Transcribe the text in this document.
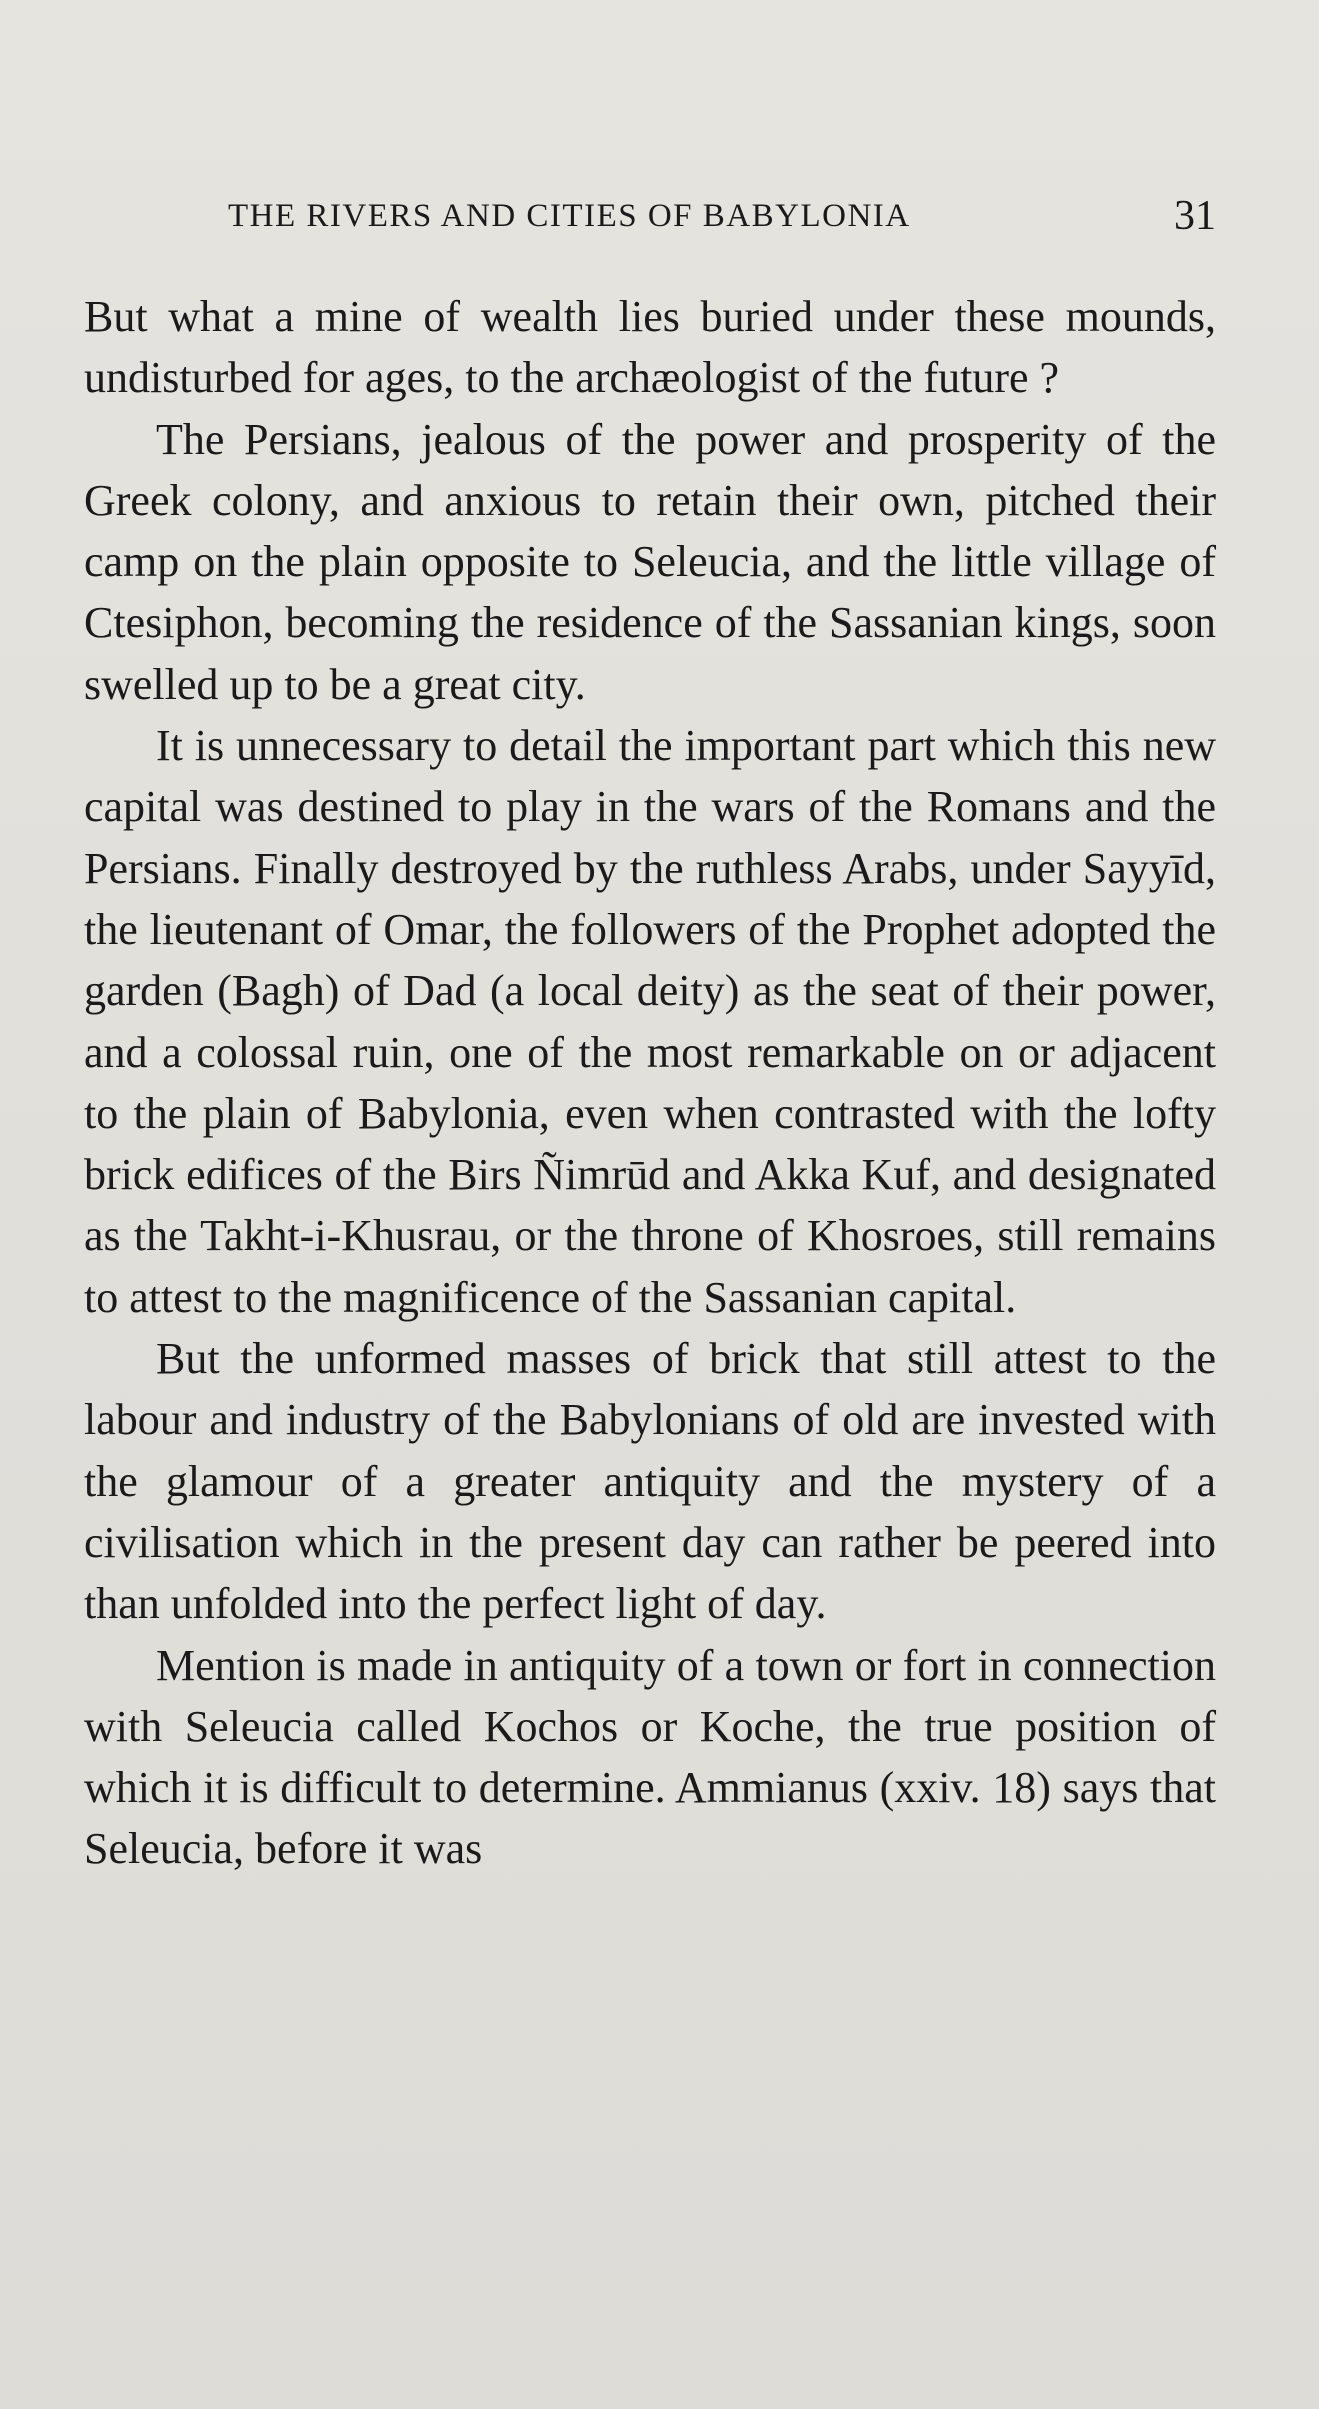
THE RIVERS AND CITIES OF BABYLONIA	31

But what a mine of wealth lies buried under these mounds, undisturbed for ages, to the archæologist of the future ?

The Persians, jealous of the power and prosperity of the Greek colony, and anxious to retain their own, pitched their camp on the plain opposite to Seleucia, and the little village of Ctesiphon, becoming the residence of the Sassanian kings, soon swelled up to be a great city.

It is unnecessary to detail the important part which this new capital was destined to play in the wars of the Romans and the Persians. Finally destroyed by the ruthless Arabs, under Sayyīd, the lieutenant of Omar, the followers of the Prophet adopted the garden (Bagh) of Dad (a local deity) as the seat of their power, and a colossal ruin, one of the most remarkable on or adjacent to the plain of Babylonia, even when contrasted with the lofty brick edifices of the Birs Ñimrūd and Akka Kuf, and designated as the Takht-i-Khusrau, or the throne of Khosroes, still remains to attest to the magnificence of the Sassanian capital.

But the unformed masses of brick that still attest to the labour and industry of the Babylonians of old are invested with the glamour of a greater antiquity and the mystery of a civilisation which in the present day can rather be peered into than unfolded into the perfect light of day.

Mention is made in antiquity of a town or fort in connection with Seleucia called Kochos or Koche, the true position of which it is difficult to determine. Ammianus (xxiv. 18) says that Seleucia, before it was
